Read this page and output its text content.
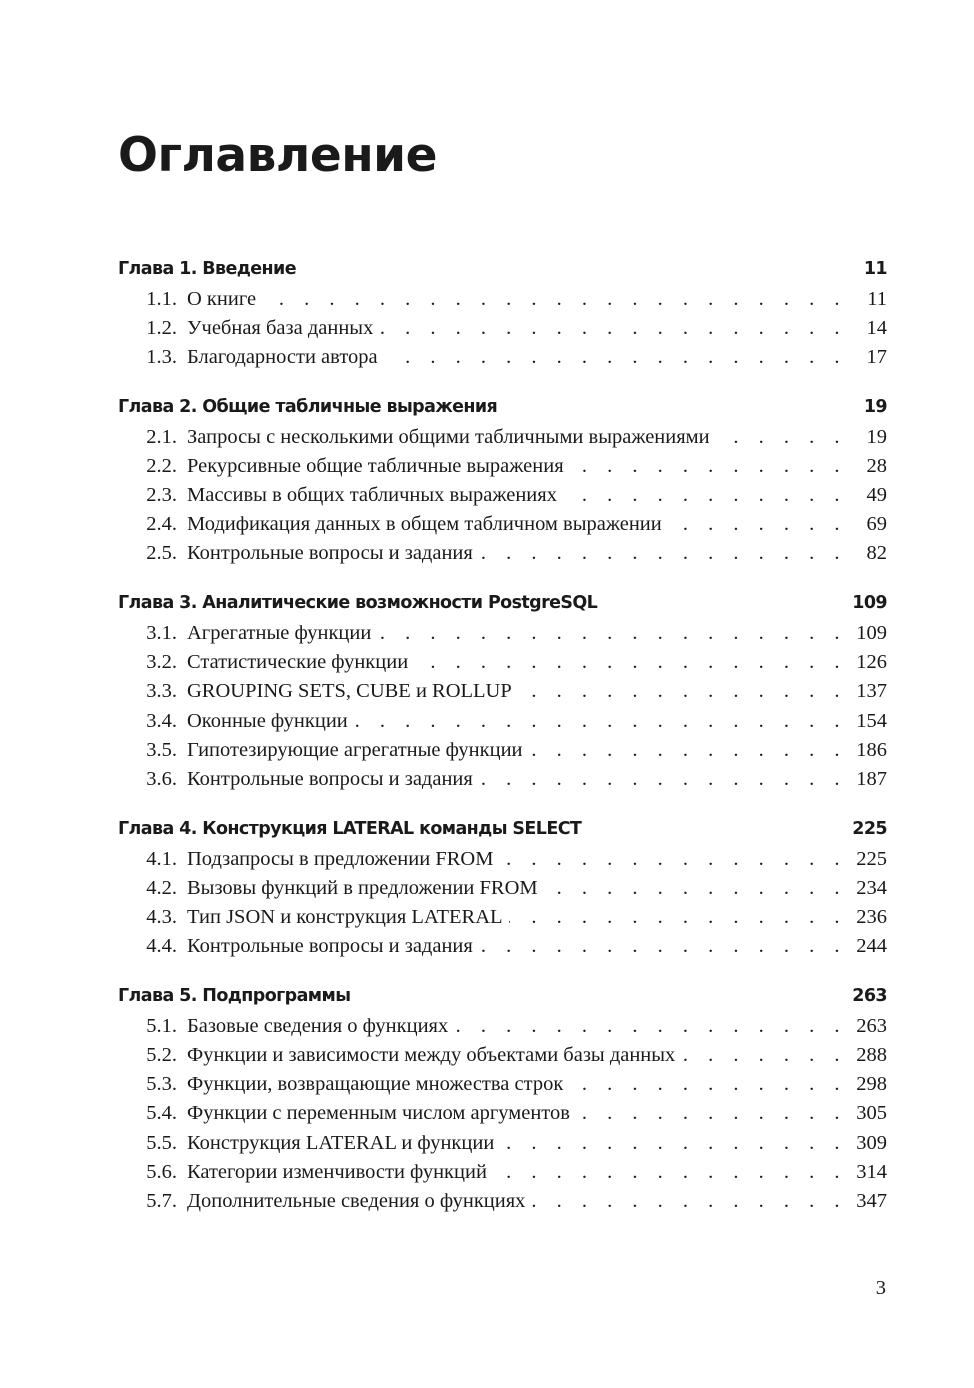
Оглавление
Глава 1. Введение	11
1.1. О книге . . .	11
1.2. Учебная база данных . . .	14
1.3. Благодарности автора . . .	17
Глава 2. Общие табличные выражения	19
2.1. Запросы с несколькими общими табличными выражениями . . .	19
2.2. Рекурсивные общие табличные выражения . . .	28
2.3. Массивы в общих табличных выражениях . . .	49
2.4. Модификация данных в общем табличном выражении . . .	69
2.5. Контрольные вопросы и задания . . .	82
Глава 3. Аналитические возможности PostgreSQL	109
3.1. Агрегатные функции . . .	109
3.2. Статистические функции . . .	126
3.3. GROUPING SETS, CUBE и ROLLUP . . .	137
3.4. Оконные функции . . .	154
3.5. Гипотезирующие агрегатные функции . . .	186
3.6. Контрольные вопросы и задания . . .	187
Глава 4. Конструкция LATERAL команды SELECT	225
4.1. Подзапросы в предложении FROM . . .	225
4.2. Вызовы функций в предложении FROM . . .	234
4.3. Тип JSON и конструкция LATERAL . . .	236
4.4. Контрольные вопросы и задания . . .	244
Глава 5. Подпрограммы	263
5.1. Базовые сведения о функциях . . .	263
5.2. Функции и зависимости между объектами базы данных . . .	288
5.3. Функции, возвращающие множества строк . . .	298
5.4. Функции с переменным числом аргументов . . .	305
5.5. Конструкция LATERAL и функции . . .	309
5.6. Категории изменчивости функций . . .	314
5.7. Дополнительные сведения о функциях . . .	347
3
